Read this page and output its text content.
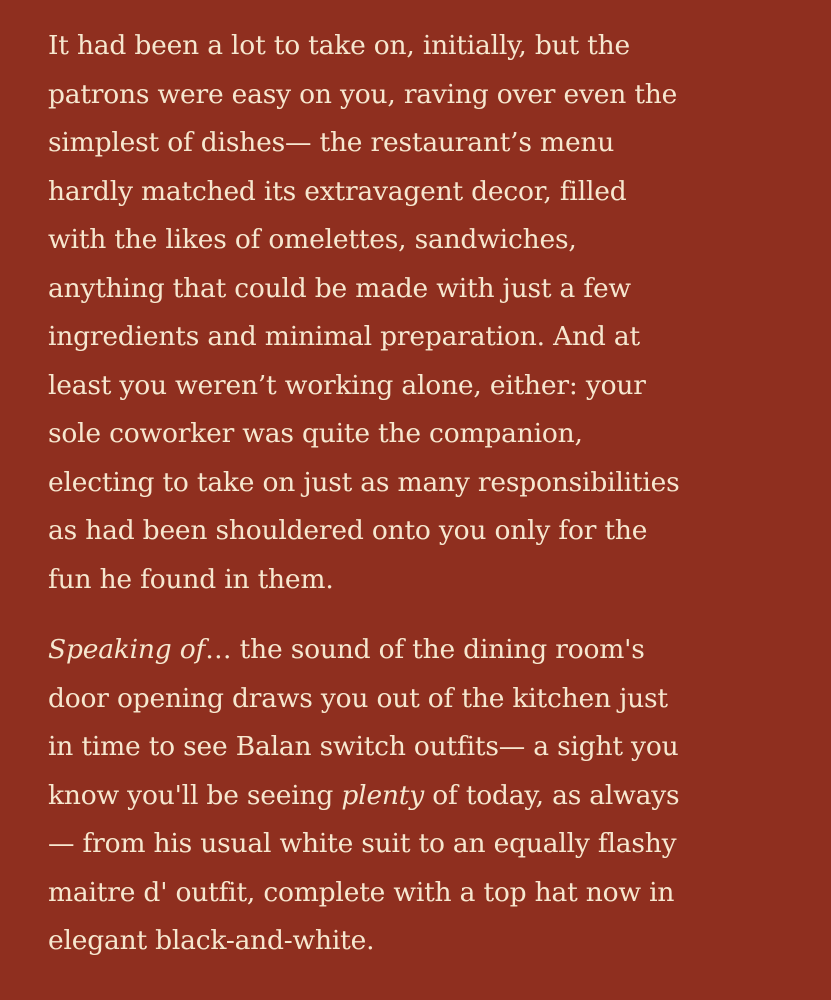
It had been a lot to take on, initially, but the
patrons were easy on you, raving over even the
simplest of dishes— the restaurant’s menu
hardly matched its extravagent decor, filled
with the likes of omelettes, sandwiches,
anything that could be made with just a few
ingredients and minimal preparation. And at
least you weren’t working alone, either: your
sole coworker was quite the companion,
electing to take on just as many responsibilities
as had been shouldered onto you only for the
fun he found in them.

Speaking of… the sound of the dining room's
door opening draws you out of the kitchen just
in time to see Balan switch outfits— a sight you
know you'll be seeing plenty of today, as always
— from his usual white suit to an equally flashy
maitre d' outfit, complete with a top hat now in
elegant black-and-white.
